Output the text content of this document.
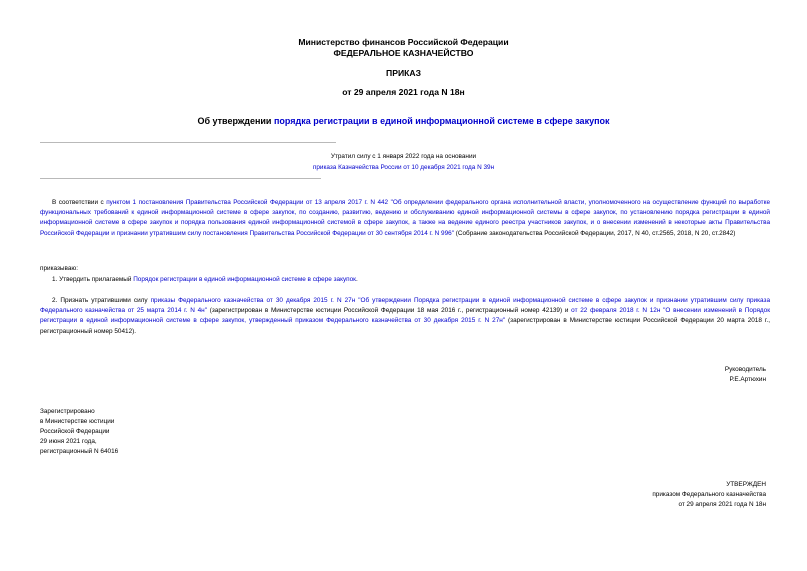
Министерство финансов Российской Федерации
ФЕДЕРАЛЬНОЕ КАЗНАЧЕЙСТВО
ПРИКАЗ
от 29 апреля 2021 года N 18н
Об утверждении порядка регистрации в единой информационной системе в сфере закупок
Утратил силу с 1 января 2022 года на основании
приказа Казначейства России от 10 декабря 2021 года N 39н
В соответствии с пунктом 1 постановления Правительства Российской Федерации от 13 апреля 2017 г. N 442 "Об определении федерального органа исполнительной власти, уполномоченного на осуществление функций по выработке функциональных требований к единой информационной системе в сфере закупок, по созданию, развитию, ведению и обслуживанию единой информационной системы в сфере закупок, по установлению порядка регистрации в единой информационной системе в сфере закупок и порядка пользования единой информационной системой в сфере закупок, а также на ведение единого реестра участников закупок, и о внесении изменений в некоторые акты Правительства Российской Федерации и признании утратившим силу постановления Правительства Российской Федерации от 30 сентября 2014 г. N 996" (Собрание законодательства Российской Федерации, 2017, N 40, ст.2565, 2018, N 20, ст.2842)
приказываю:
1. Утвердить прилагаемый Порядок регистрации в единой информационной системе в сфере закупок.
2. Признать утратившими силу приказы Федерального казначейства от 30 декабря 2015 г. N 27н "Об утверждении Порядка регистрации в единой информационной системе в сфере закупок и признании утратившим силу приказа Федерального казначейства от 25 марта 2014 г. N 4н" (зарегистрирован в Министерстве юстиции Российской Федерации 18 мая 2016 г., регистрационный номер 42139) и от 22 февраля 2018 г. N 12н "О внесении изменений в Порядок регистрации в единой информационной системе в сфере закупок, утвержденный приказом Федерального казначейства от 30 декабря 2015 г. N 27н" (зарегистрирован в Министерстве юстиции Российской Федерации 20 марта 2018 г., регистрационный номер 50412).
Руководитель
Р.Е.Артюхин
Зарегистрировано
в Министерстве юстиции
Российской Федерации
29 июня 2021 года,
регистрационный N 64016
УТВЕРЖДЕН
приказом Федерального казначейства
от 29 апреля 2021 года N 18н
